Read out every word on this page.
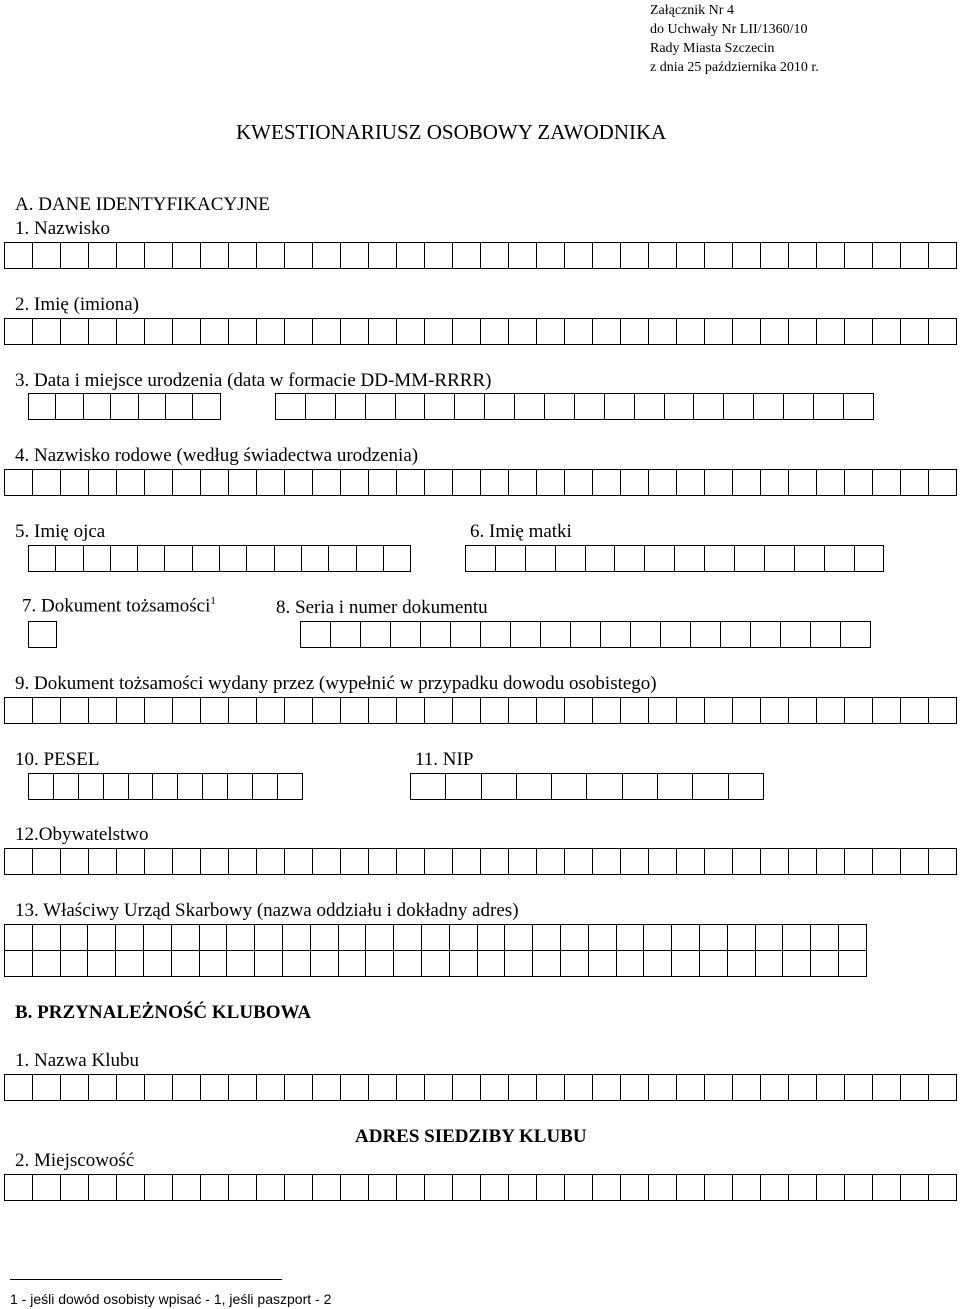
Załącznik Nr 4
do Uchwały Nr LII/1360/10
Rady Miasta Szczecin
z dnia 25 października 2010 r.
KWESTIONARIUSZ OSOBOWY ZAWODNIKA
A. DANE IDENTYFIKACYJNE
1. Nazwisko
2. Imię (imiona)
3. Data i miejsce urodzenia (data w formacie DD-MM-RRRR)
4. Nazwisko rodowe (według świadectwa urodzenia)
5. Imię ojca	6. Imię matki
7. Dokument tożsamości$^1$	8. Seria i numer dokumentu
9. Dokument tożsamości wydany przez (wypełnić w przypadku dowodu osobistego)
10. PESEL	11. NIP
12.Obywatelstwo
13. Właściwy Urząd Skarbowy (nazwa oddziału i dokładny adres)
B. PRZYNALEŻNOŚĆ KLUBOWA
1. Nazwa Klubu
ADRES SIEDZIBY KLUBU
2. Miejscowość
1 - jeśli dowód osobisty wpisać - 1, jeśli paszport - 2
